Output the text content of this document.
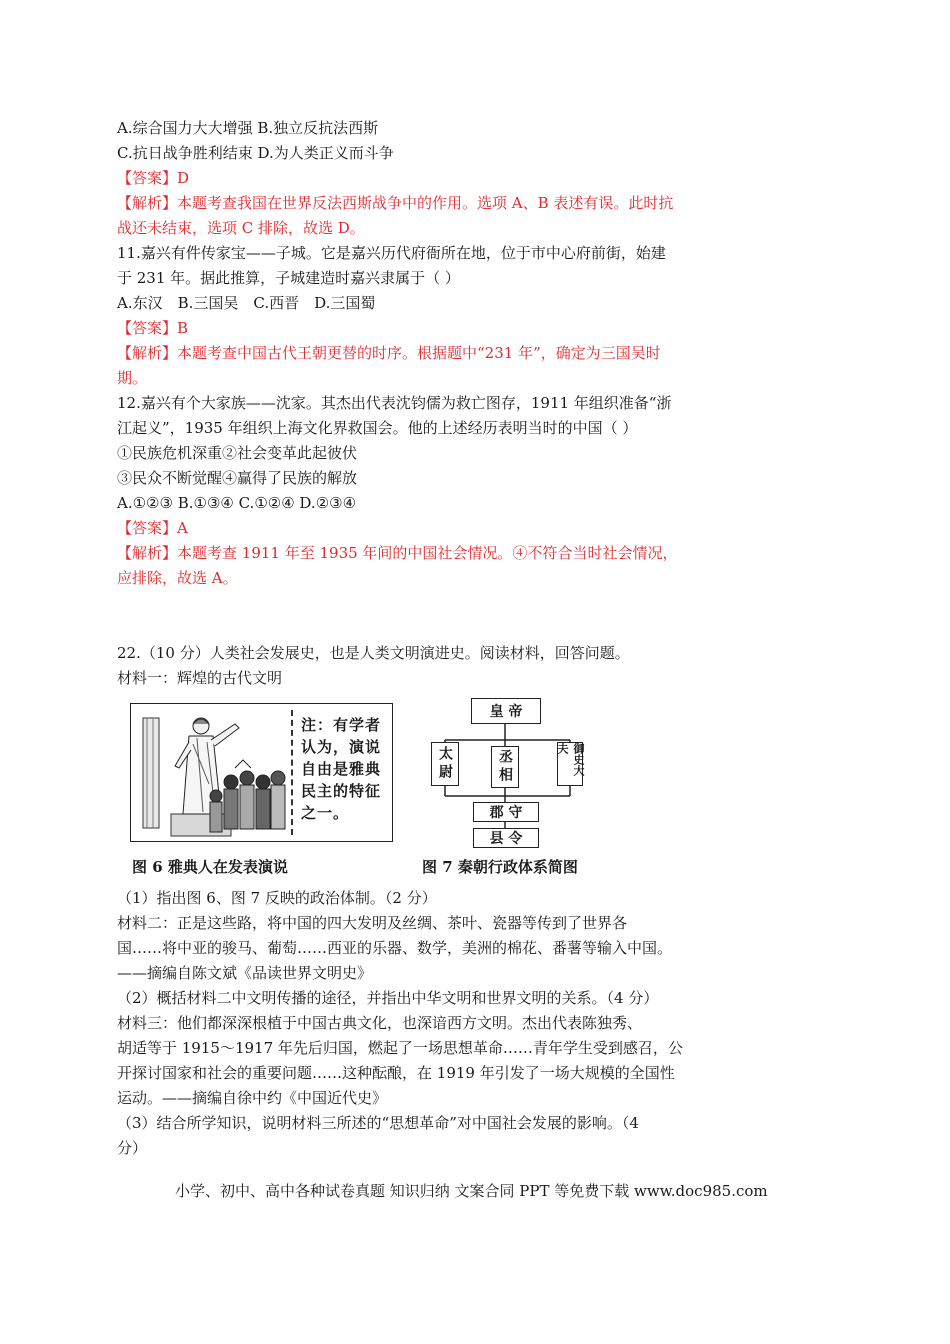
A.综合国力大大增强 B.独立反抗法西斯
C.抗日战争胜利结束 D.为人类正义而斗争
【答案】D
【解析】本题考查我国在世界反法西斯战争中的作用。选项 A、B 表述有误。此时抗
战还未结束，选项 C 排除，故选 D。
11.嘉兴有件传家宝——子城。它是嘉兴历代府衙所在地，位于市中心府前街，始建
于 231 年。据此推算，子城建造时嘉兴隶属于（ ）
A.东汉　B.三国吴　C.西晋　D.三国蜀
【答案】B
【解析】本题考查中国古代王朝更替的时序。根据题中“231 年”，确定为三国吴时
期。
12.嘉兴有个大家族——沈家。其杰出代表沈钧儒为救亡图存，1911 年组织准备“浙
江起义”，1935 年组织上海文化界救国会。他的上述经历表明当时的中国（ ）
①民族危机深重②社会变革此起彼伏
③民众不断觉醒④赢得了民族的解放
A.①②③ B.①③④ C.①②④ D.②③④
【答案】A
【解析】本题考查 1911 年至 1935 年间的中国社会情况。④不符合当时社会情况，
应排除，故选 A。
22.（10 分）人类社会发展史，也是人类文明演进史。阅读材料，回答问题。
材料一：辉煌的古代文明
注：有学者认为，演说自由是雅典民主的特征之一。
图 6 雅典人在发表演说
皇 帝
太尉	丞相	御史大夫
郡 守
县 令
图 7 秦朝行政体系简图
（1）指出图 6、图 7 反映的政治体制。（2 分）
材料二：正是这些路，将中国的四大发明及丝绸、茶叶、瓷器等传到了世界各
国……将中亚的骏马、葡萄……西亚的乐器、数学，美洲的棉花、番薯等输入中国。
——摘编自陈文斌《品读世界文明史》
（2）概括材料二中文明传播的途径，并指出中华文明和世界文明的关系。（4 分）
材料三：他们都深深根植于中国古典文化，也深谙西方文明。杰出代表陈独秀、
胡适等于 1915～1917 年先后归国，燃起了一场思想革命……青年学生受到感召，公
开探讨国家和社会的重要问题……这种酝酿，在 1919 年引发了一场大规模的全国性
运动。——摘编自徐中约《中国近代史》
（3）结合所学知识，说明材料三所述的“思想革命”对中国社会发展的影响。（4
分）
小学、初中、高中各种试卷真题 知识归纳 文案合同 PPT 等免费下载 www.doc985.com
